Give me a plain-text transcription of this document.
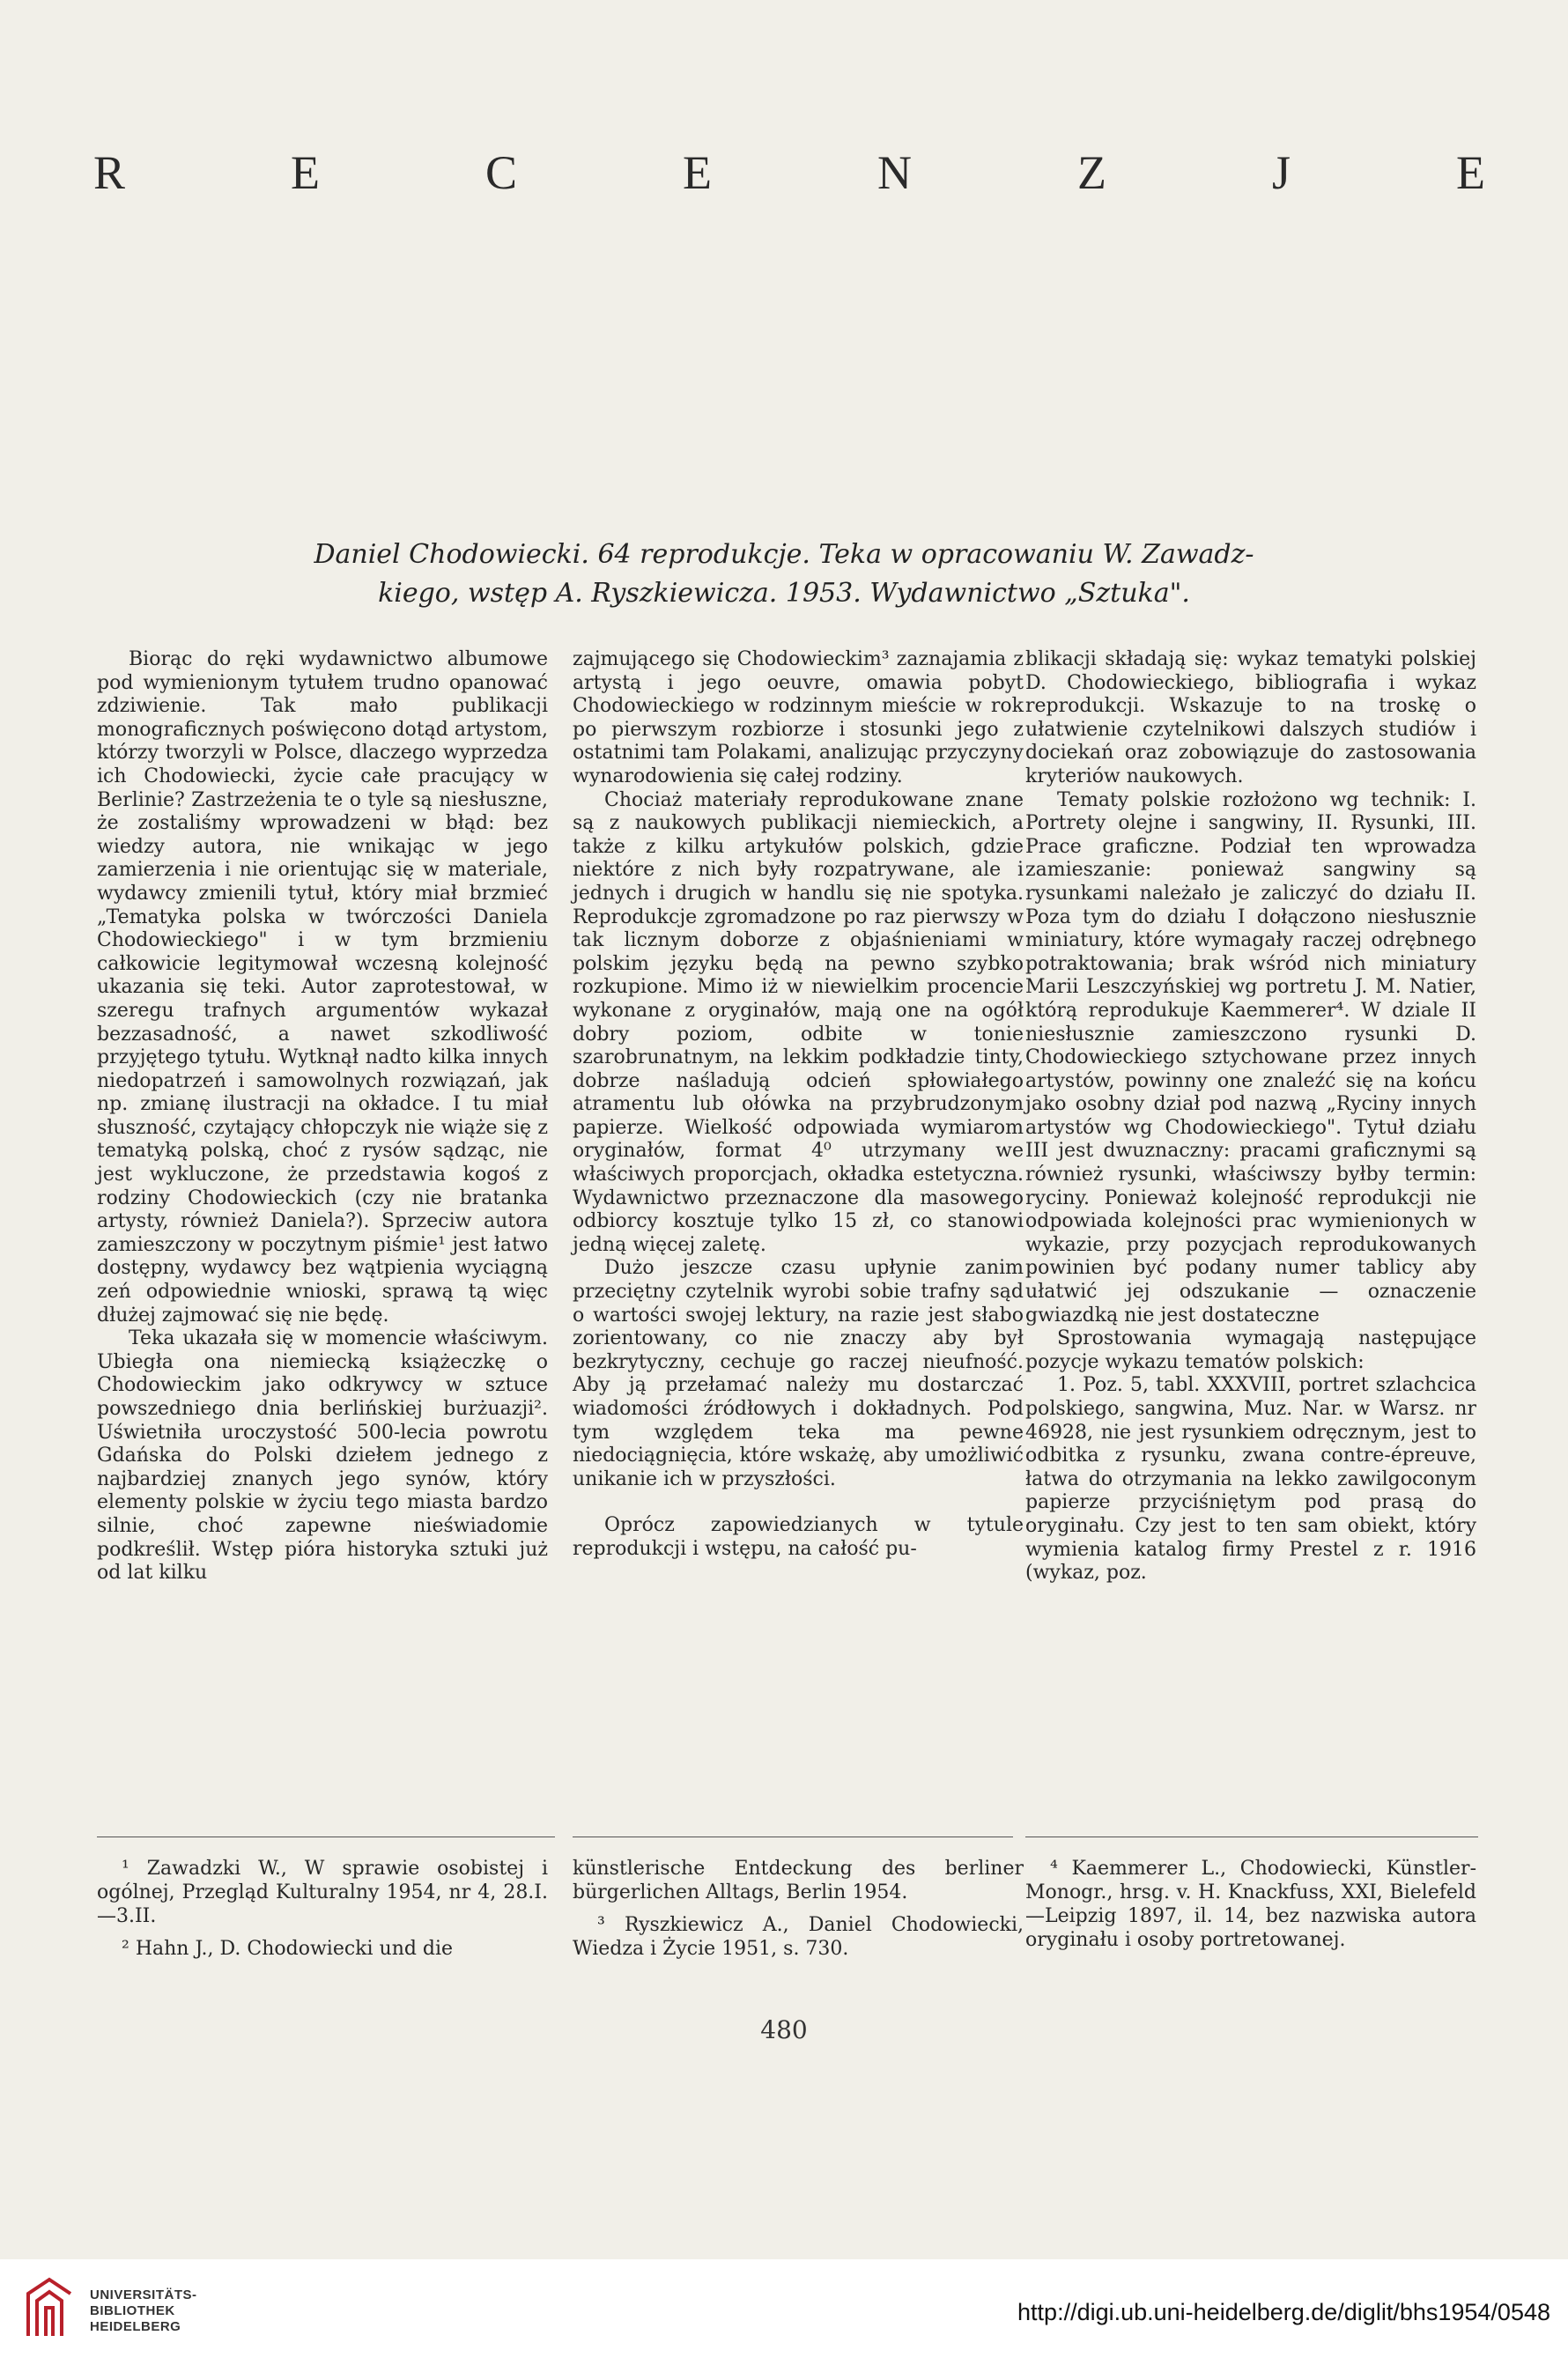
R	E	C	E	N	Z	J	E
Daniel Chodowiecki. 64 reprodukcje. Teka w opracowaniu W. Zawadz-
kiego, wstęp A. Ryszkiewicza. 1953. Wydawnictwo „Sztuka".

Biorąc do ręki wydawnictwo albumowe pod wymienionym tytułem trudno opanować zdziwienie. Tak mało publikacji monograficznych poświęcono dotąd artystom, którzy tworzyli w Polsce, dlaczego wyprzedza ich Chodowiecki, życie całe pracujący w Berlinie? Zastrzeżenia te o tyle są niesłuszne, że zostaliśmy wprowadzeni w błąd: bez wiedzy autora, nie wnikając w jego zamierzenia i nie orientując się w materiale, wydawcy zmienili tytuł, który miał brzmieć „Tematyka polska w twórczości Daniela Chodowieckiego" i w tym brzmieniu całkowicie legitymował wczesną kolejność ukazania się teki. Autor zaprotestował, w szeregu trafnych argumentów wykazał bezzasadność, a nawet szkodliwość przyjętego tytułu. Wytknął nadto kilka innych niedopatrzeń i samowolnych rozwiązań, jak np. zmianę ilustracji na okładce. I tu miał słuszność, czytający chłopczyk nie wiąże się z tematyką polską, choć z rysów sądząc, nie jest wykluczone, że przedstawia kogoś z rodziny Chodowieckich (czy nie bratanka artysty, również Daniela?). Sprzeciw autora zamieszczony w poczytnym piśmie¹ jest łatwo dostępny, wydawcy bez wątpienia wyciągną zeń odpowiednie wnioski, sprawą tą więc dłużej zajmować się nie będę.

Teka ukazała się w momencie właściwym. Ubiegła ona niemiecką książeczkę o Chodowieckim jako odkrywcy w sztuce powszedniego dnia berlińskiej burżuazji². Uświetniła uroczystość 500-lecia powrotu Gdańska do Polski dziełem jednego z najbardziej znanych jego synów, który elementy polskie w życiu tego miasta bardzo silnie, choć zapewne nieświadomie podkreślił. Wstęp pióra historyka sztuki już od lat kilku

zajmującego się Chodowieckim³ zaznajamia z artystą i jego oeuvre, omawia pobyt Chodowieckiego w rodzinnym mieście w rok po pierwszym rozbiorze i stosunki jego z ostatnimi tam Polakami, analizując przyczyny wynarodowienia się całej rodziny.

Chociaż materiały reprodukowane znane są z naukowych publikacji niemieckich, a także z kilku artykułów polskich, gdzie niektóre z nich były rozpatrywane, ale i jednych i drugich w handlu się nie spotyka. Reprodukcje zgromadzone po raz pierwszy w tak licznym doborze z objaśnieniami w polskim języku będą na pewno szybko rozkupione. Mimo iż w niewielkim procencie wykonane z oryginałów, mają one na ogół dobry poziom, odbite w tonie szarobrunatnym, na lekkim podkładzie tinty, dobrze naśladują odcień spłowiałego atramentu lub ołówka na przybrudzonym papierze. Wielkość odpowiada wymiarom oryginałów, format 4⁰ utrzymany we właściwych proporcjach, okładka estetyczna. Wydawnictwo przeznaczone dla masowego odbiorcy kosztuje tylko 15 zł, co stanowi jedną więcej zaletę.

Dużo jeszcze czasu upłynie zanim przeciętny czytelnik wyrobi sobie trafny sąd o wartości swojej lektury, na razie jest słabo zorientowany, co nie znaczy aby był bezkrytyczny, cechuje go raczej nieufność. Aby ją przełamać należy mu dostarczać wiadomości źródłowych i dokładnych. Pod tym względem teka ma pewne niedociągnięcia, które wskażę, aby umożliwić unikanie ich w przyszłości.

Oprócz zapowiedzianych w tytule reprodukcji i wstępu, na całość pu-

blikacji składają się: wykaz tematyki polskiej D. Chodowieckiego, bibliografia i wykaz reprodukcji. Wskazuje to na troskę o ułatwienie czytelnikowi dalszych studiów i dociekań oraz zobowiązuje do zastosowania kryteriów naukowych.

Tematy polskie rozłożono wg technik: I. Portrety olejne i sangwiny, II. Rysunki, III. Prace graficzne. Podział ten wprowadza zamieszanie: ponieważ sangwiny są rysunkami należało je zaliczyć do działu II. Poza tym do działu I dołączono niesłusznie miniatury, które wymagały raczej odrębnego potraktowania; brak wśród nich miniatury Marii Leszczyńskiej wg portretu J. M. Natier, którą reprodukuje Kaemmerer⁴. W dziale II niesłusznie zamieszczono rysunki D. Chodowieckiego sztychowane przez innych artystów, powinny one znaleźć się na końcu jako osobny dział pod nazwą „Ryciny innych artystów wg Chodowieckiego". Tytuł działu III jest dwuznaczny: pracami graficznymi są również rysunki, właściwszy byłby termin: ryciny. Ponieważ kolejność reprodukcji nie odpowiada kolejności prac wymienionych w wykazie, przy pozycjach reprodukowanych powinien być podany numer tablicy aby ułatwić jej odszukanie — oznaczenie gwiazdką nie jest dostateczne

Sprostowania wymagają następujące pozycje wykazu tematów polskich:

1. Poz. 5, tabl. XXXVIII, portret szlachcica polskiego, sangwina, Muz. Nar. w Warsz. nr 46928, nie jest rysunkiem odręcznym, jest to odbitka z rysunku, zwana contre-épreuve, łatwa do otrzymania na lekko zawilgoconym papierze przyciśniętym pod prasą do oryginału. Czy jest to ten sam obiekt, który wymienia katalog firmy Prestel z r. 1916 (wykaz, poz.

¹ Zawadzki W., W sprawie osobistej i ogólnej, Przegląd Kulturalny 1954, nr 4, 28.I.—3.II.

² Hahn J., D. Chodowiecki und die

künstlerische Entdeckung des berliner bürgerlichen Alltags, Berlin 1954.

³ Ryszkiewicz A., Daniel Chodowiecki, Wiedza i Życie 1951, s. 730.

⁴ Kaemmerer L., Chodowiecki, Künstler-Monogr., hrsg. v. H. Knackfuss, XXI, Bielefeld—Leipzig 1897, il. 14, bez nazwiska autora oryginału i osoby portretowanej.

480
UNIVERSITÄTS-
BIBLIOTHEK
HEIDELBERG
http://digi.ub.uni-heidelberg.de/diglit/bhs1954/0548
